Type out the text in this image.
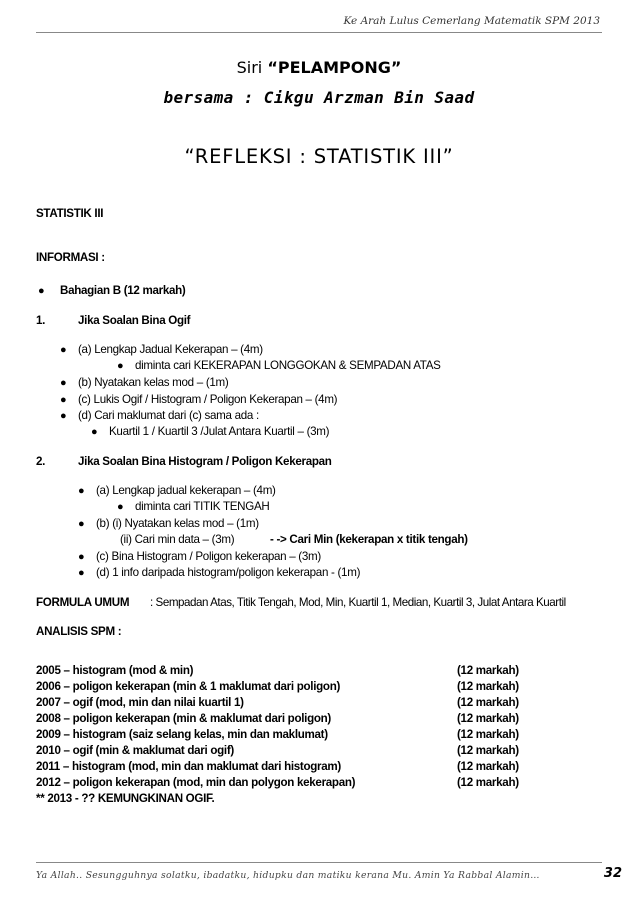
Ke Arah Lulus Cemerlang Matematik SPM 2013
Siri “PELAMPONG”
bersama : Cikgu Arzman Bin Saad
“REFLEKSI : STATISTIK III”
STATISTIK III
INFORMASI :
● Bahagian B (12 markah)
1.	Jika Soalan Bina Ogif
● (a) Lengkap Jadual Kekerapan – (4m)
● diminta cari KEKERAPAN LONGGOKAN & SEMPADAN ATAS
● (b) Nyatakan kelas mod – (1m)
● (c) Lukis Ogif / Histogram / Poligon Kekerapan – (4m)
● (d) Cari maklumat dari (c) sama ada :
● Kuartil 1 / Kuartil 3 /Julat Antara Kuartil – (3m)
2.	Jika Soalan Bina Histogram / Poligon Kekerapan
● (a) Lengkap jadual kekerapan – (4m)
● diminta cari TITIK TENGAH
● (b) (i) Nyatakan kelas mod – (1m)
(ii) Cari min data – (3m)	- -> Cari Min (kekerapan x titik tengah)
● (c) Bina Histogram / Poligon kekerapan – (3m)
● (d) 1 info daripada histogram/poligon kekerapan - (1m)
FORMULA UMUM : Sempadan Atas, Titik Tengah, Mod, Min, Kuartil 1, Median, Kuartil 3, Julat Antara Kuartil
ANALISIS SPM :
2005 – histogram (mod & min)	(12 markah)
2006 – poligon kekerapan (min & 1 maklumat dari poligon)	(12 markah)
2007 – ogif (mod, min dan nilai kuartil 1)	(12 markah)
2008 – poligon kekerapan (min & maklumat dari poligon)	(12 markah)
2009 – histogram (saiz selang kelas, min dan maklumat)	(12 markah)
2010 – ogif (min & maklumat dari ogif)	(12 markah)
2011 – histogram (mod, min dan maklumat dari histogram)	(12 markah)
2012 – poligon kekerapan (mod, min dan polygon kekerapan)	(12 markah)
** 2013 - ?? KEMUNGKINAN OGIF.
Ya Allah.. Sesungguhnya solatku, ibadatku, hidupku dan matiku kerana Mu. Amin Ya Rabbal Alamin…	32
